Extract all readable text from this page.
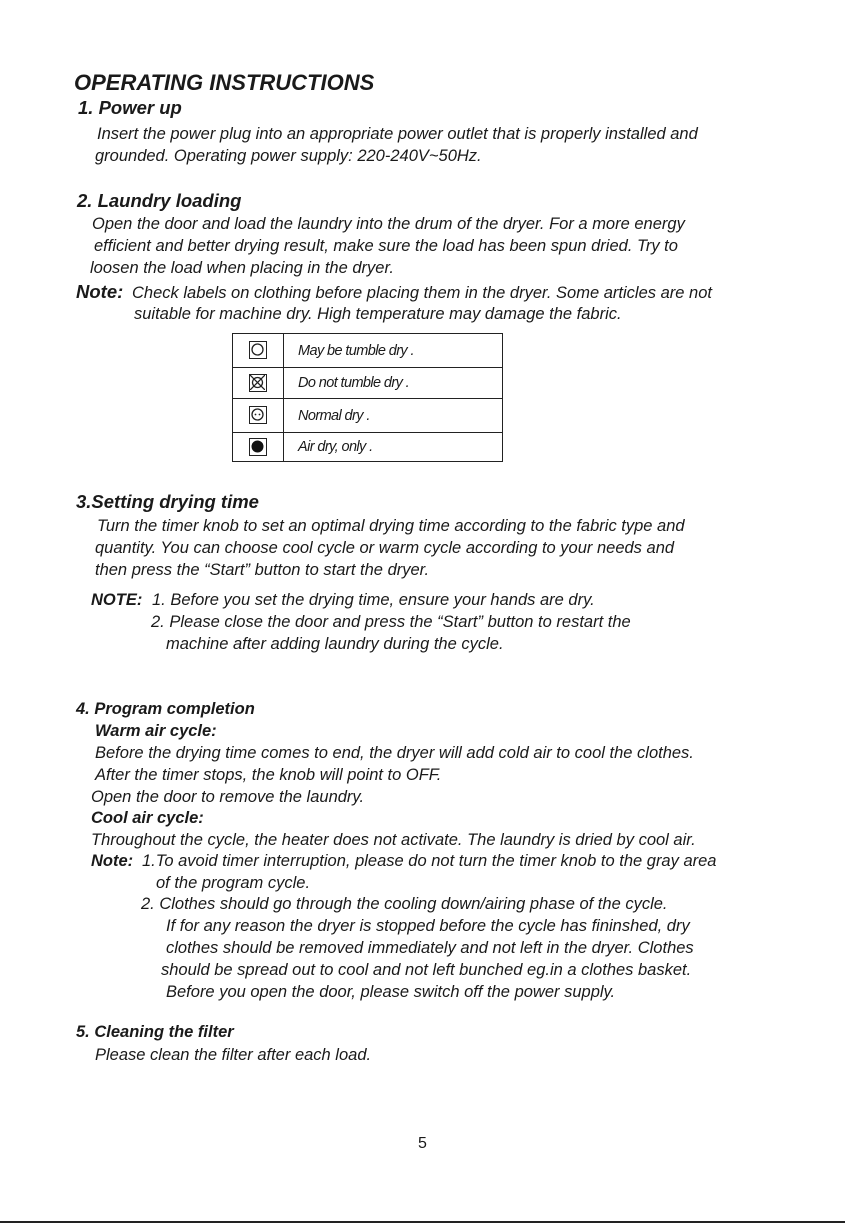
OPERATING INSTRUCTIONS
1. Power up
Insert the power plug into an appropriate power outlet that is properly installed and
grounded. Operating power supply: 220-240V~50Hz.
2. Laundry loading
Open the door and load the laundry into the drum of the dryer. For a more energy
efficient and better drying result, make sure the load has been spun dried. Try to
loosen the load when placing in the dryer.
Note: Check labels on clothing before placing them in the dryer. Some articles are not
suitable for machine dry. High temperature may damage the fabric.
	May be tumble dry .

	Do not tumble dry .

	Normal dry .

	Air dry, only .
3.Setting drying time
Turn the timer knob to set an optimal drying time according to the fabric type and
quantity. You can choose cool cycle or warm cycle according to your needs and
then press the “Start” button to start the dryer.
NOTE: 1. Before you set the drying time, ensure your hands are dry.
2. Please close the door and press the “Start” button to restart the
machine after adding laundry during the cycle.
4. Program completion
Warm air cycle:
Before the drying time comes to end, the dryer will add cold air to cool the clothes.
After the timer stops, the knob will point to OFF.
Open the door to remove the laundry.
Cool air cycle:
Throughout the cycle, the heater does not activate. The laundry is dried by cool air.
Note: 1.To avoid timer interruption, please do not turn the timer knob to the gray area
of the program cycle.
2. Clothes should go through the cooling down/airing phase of the cycle.
If for any reason the dryer is stopped before the cycle has fininshed, dry
clothes should be removed immediately and not left in the dryer. Clothes
should be spread out to cool and not left bunched eg.in a clothes basket.
Before you open the door, please switch off the power supply.
5. Cleaning the filter
Please clean the filter after each load.
5
